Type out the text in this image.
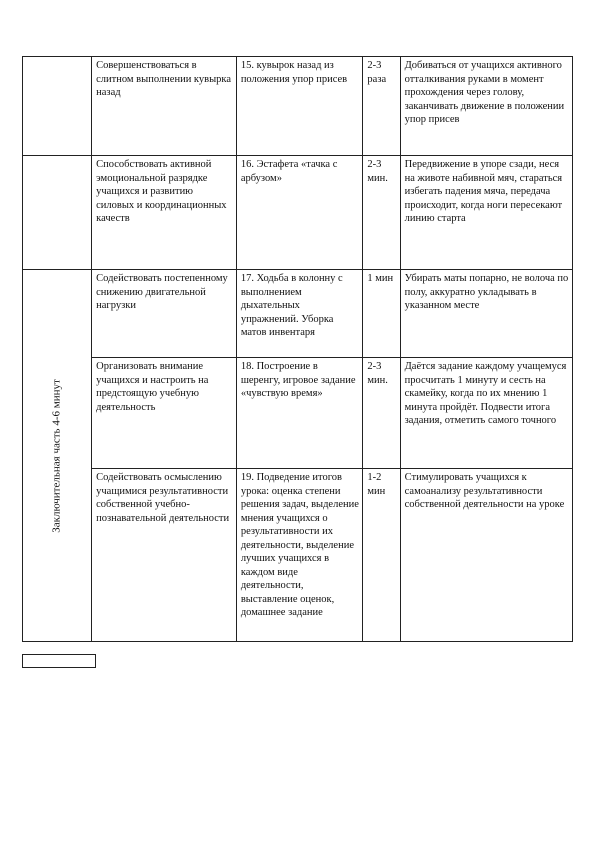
	Совершенствоваться в слитном выполнении кувырка назад	15. кувырок назад из положения упор присев	2-3 раза	Добиваться от учащихся активного отталкивания руками в момент прохождения через голову, заканчивать движение в положении упор присев
	Способствовать активной эмоциональной разрядке учащихся и развитию силовых и координационных качеств	16. Эстафета «тачка с арбузом»	2-3 мин.	Передвижение в упоре сзади, неся на животе набивной мяч, стараться избегать падения мяча, передача происходит, когда ноги пересекают линию старта

Заключительная часть 4-6 минут	Содействовать постепенному снижению двигательной нагрузки	17. Ходьба в колонну с выполнением дыхательных упражнений. Уборка матов инвентаря	1 мин	Убирать маты попарно, не волоча по полу, аккуратно укладывать в указанном месте
	Организовать внимание учащихся и настроить на предстоящую учебную деятельность	18. Построение в шеренгу, игровое задание «чувствую время»	2-3 мин.	Даётся задание каждому учащемуся просчитать 1 минуту и сесть на скамейку, когда по их мнению 1 минута пройдёт. Подвести итога задания, отметить самого точного
	Содействовать осмыслению учащимися результативности собственной учебно-познавательной деятельности	19. Подведение итогов урока: оценка степени решения задач, выделение мнения учащихся о результативности их деятельности, выделение лучших учащихся в каждом виде деятельности, выставление оценок, домашнее задание	1-2 мин	Стимулировать учащихся к самоанализу результативности собственной деятельности на уроке
